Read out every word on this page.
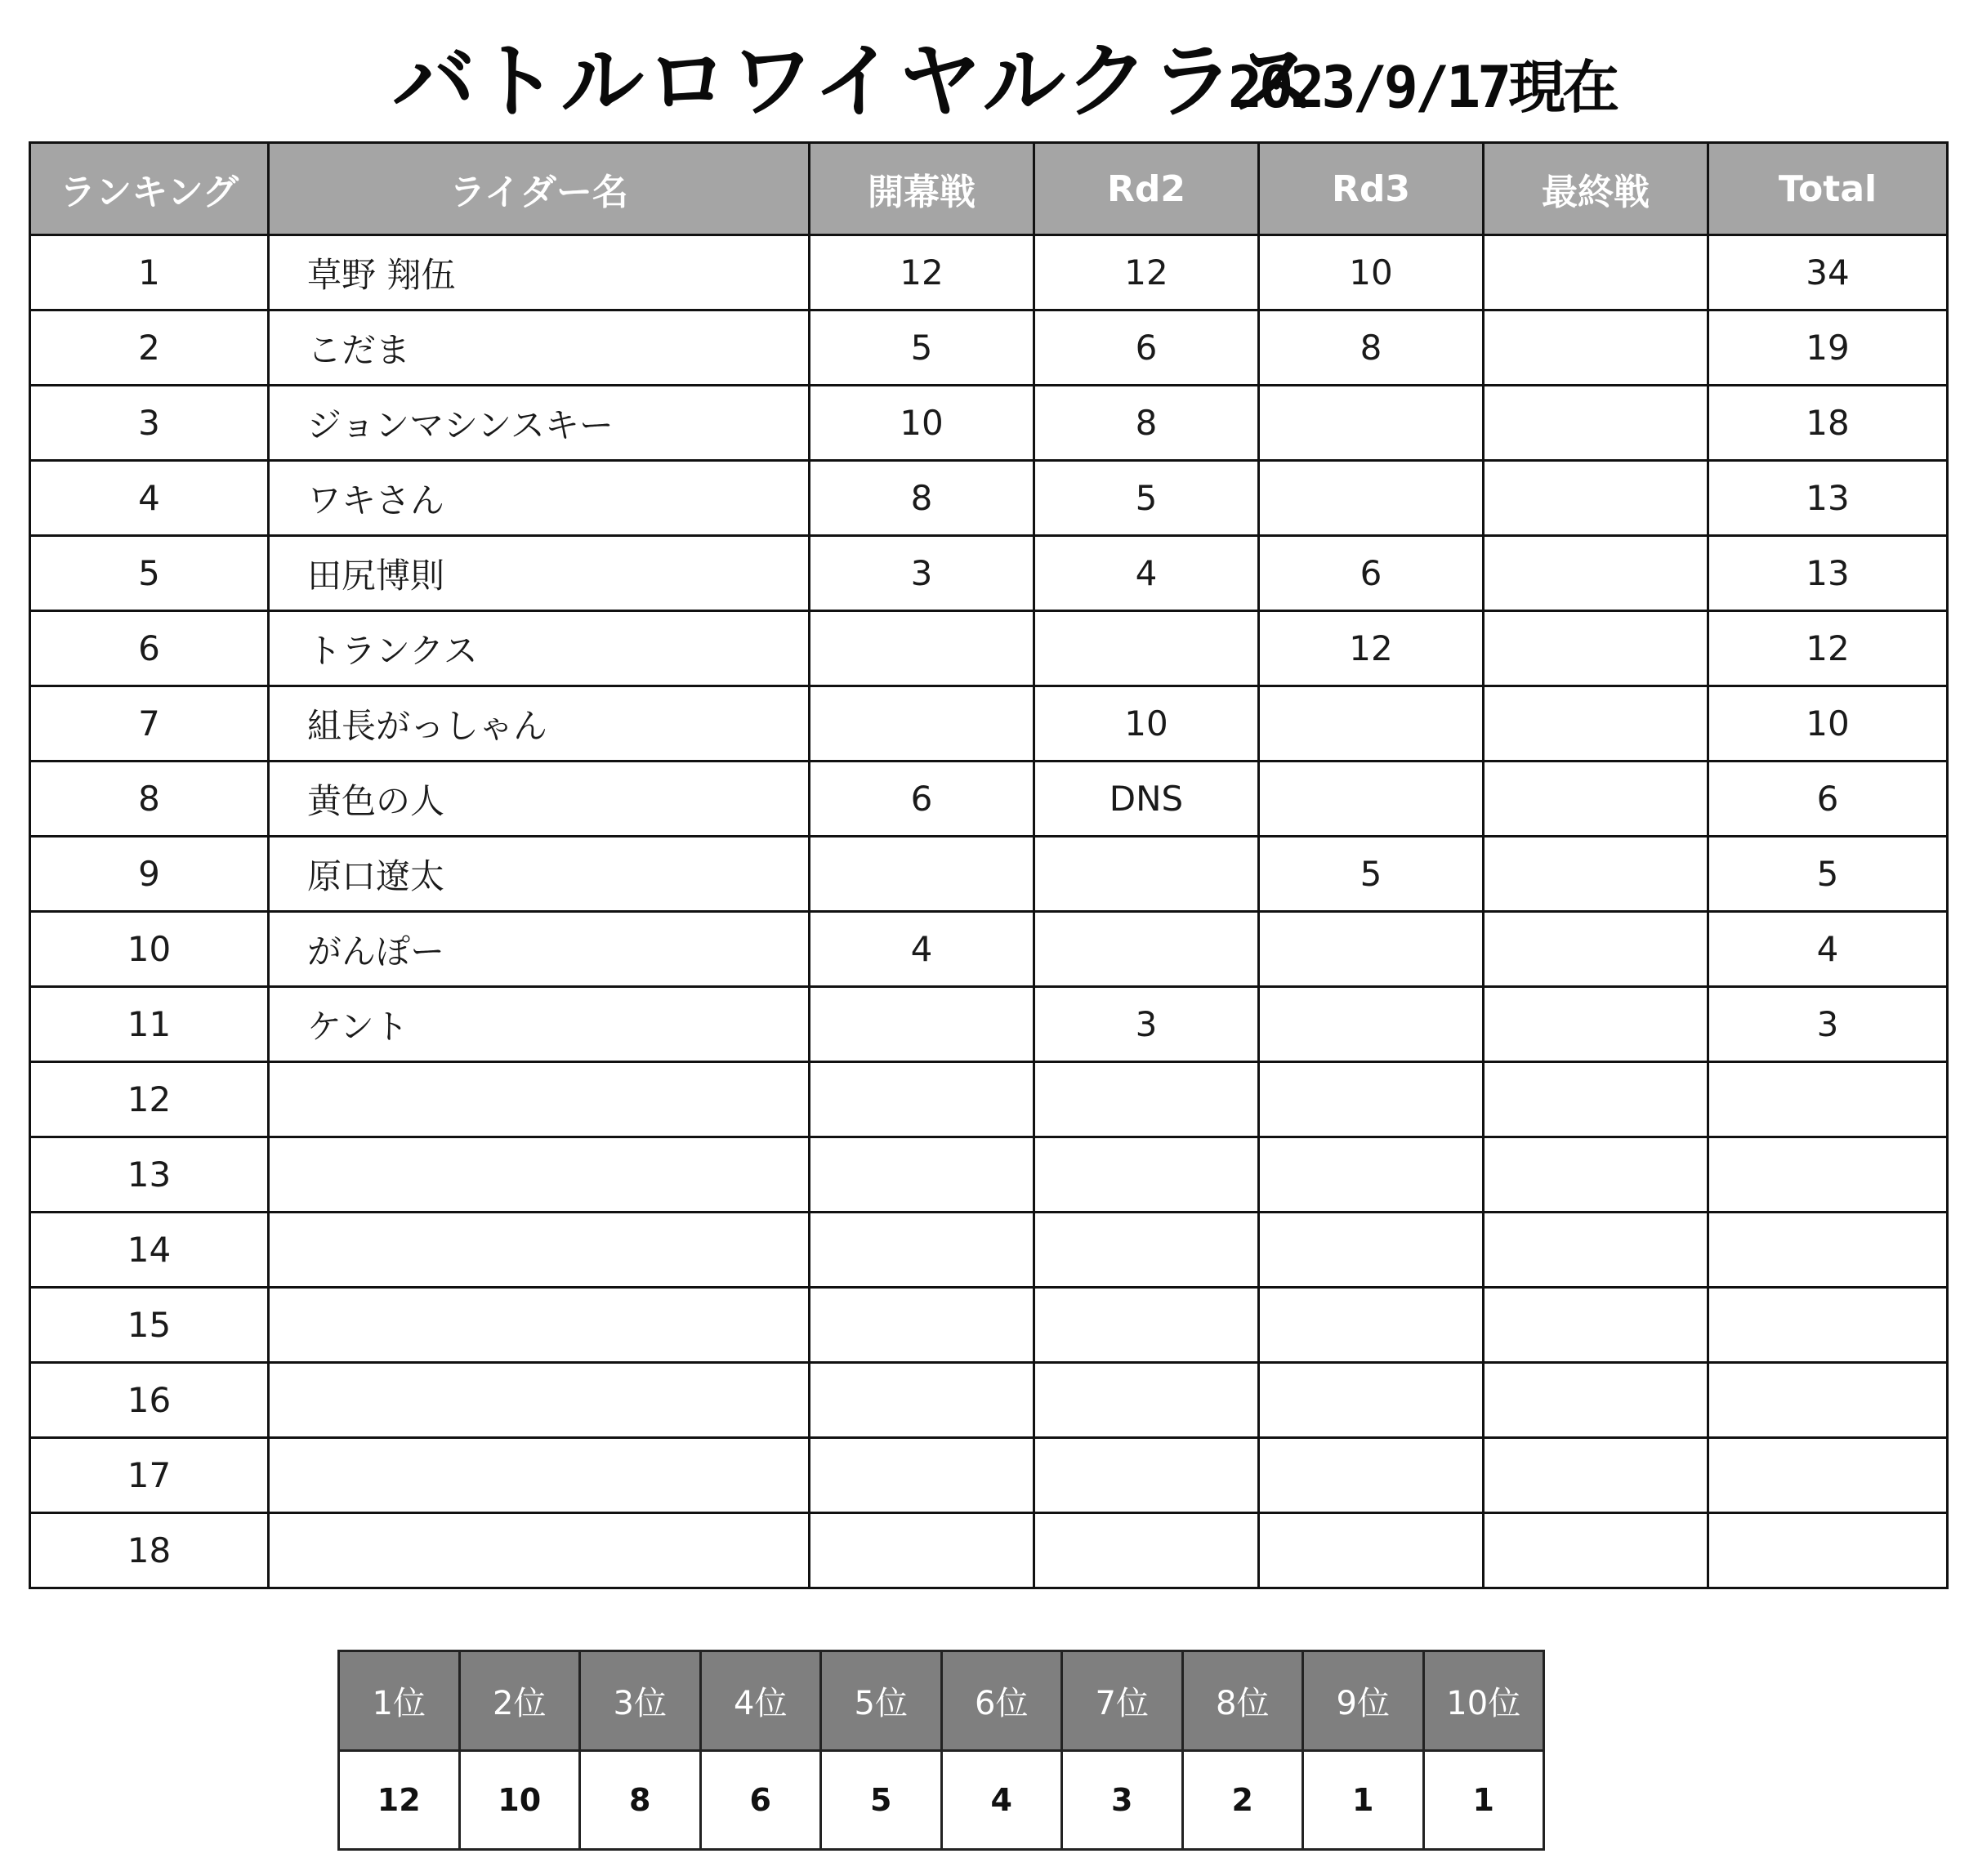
バトルロワイヤルクラス
2023/9/17現在
ランキング	ライダー名	開幕戦	Rd2	Rd3	最終戦	Total
1	草野 翔伍	12	12	10		34
2	こだま	5	6	8		19
3	ジョンマシンスキー	10	8			18
4	ワキさん	8	5			13
5	田尻博則	3	4	6		13
6	トランクス			12		12
7	組長がっしゃん		10			10
8	黄色の人	6	DNS			6
9	原口遼太			5		5
10	がんぽー	4				4
11	ケント		3			3
12						
13						
14						
15						
16						
17						
18						
1位	2位	3位	4位	5位	6位	7位	8位	9位	10位
12	10	8	6	5	4	3	2	1	1
